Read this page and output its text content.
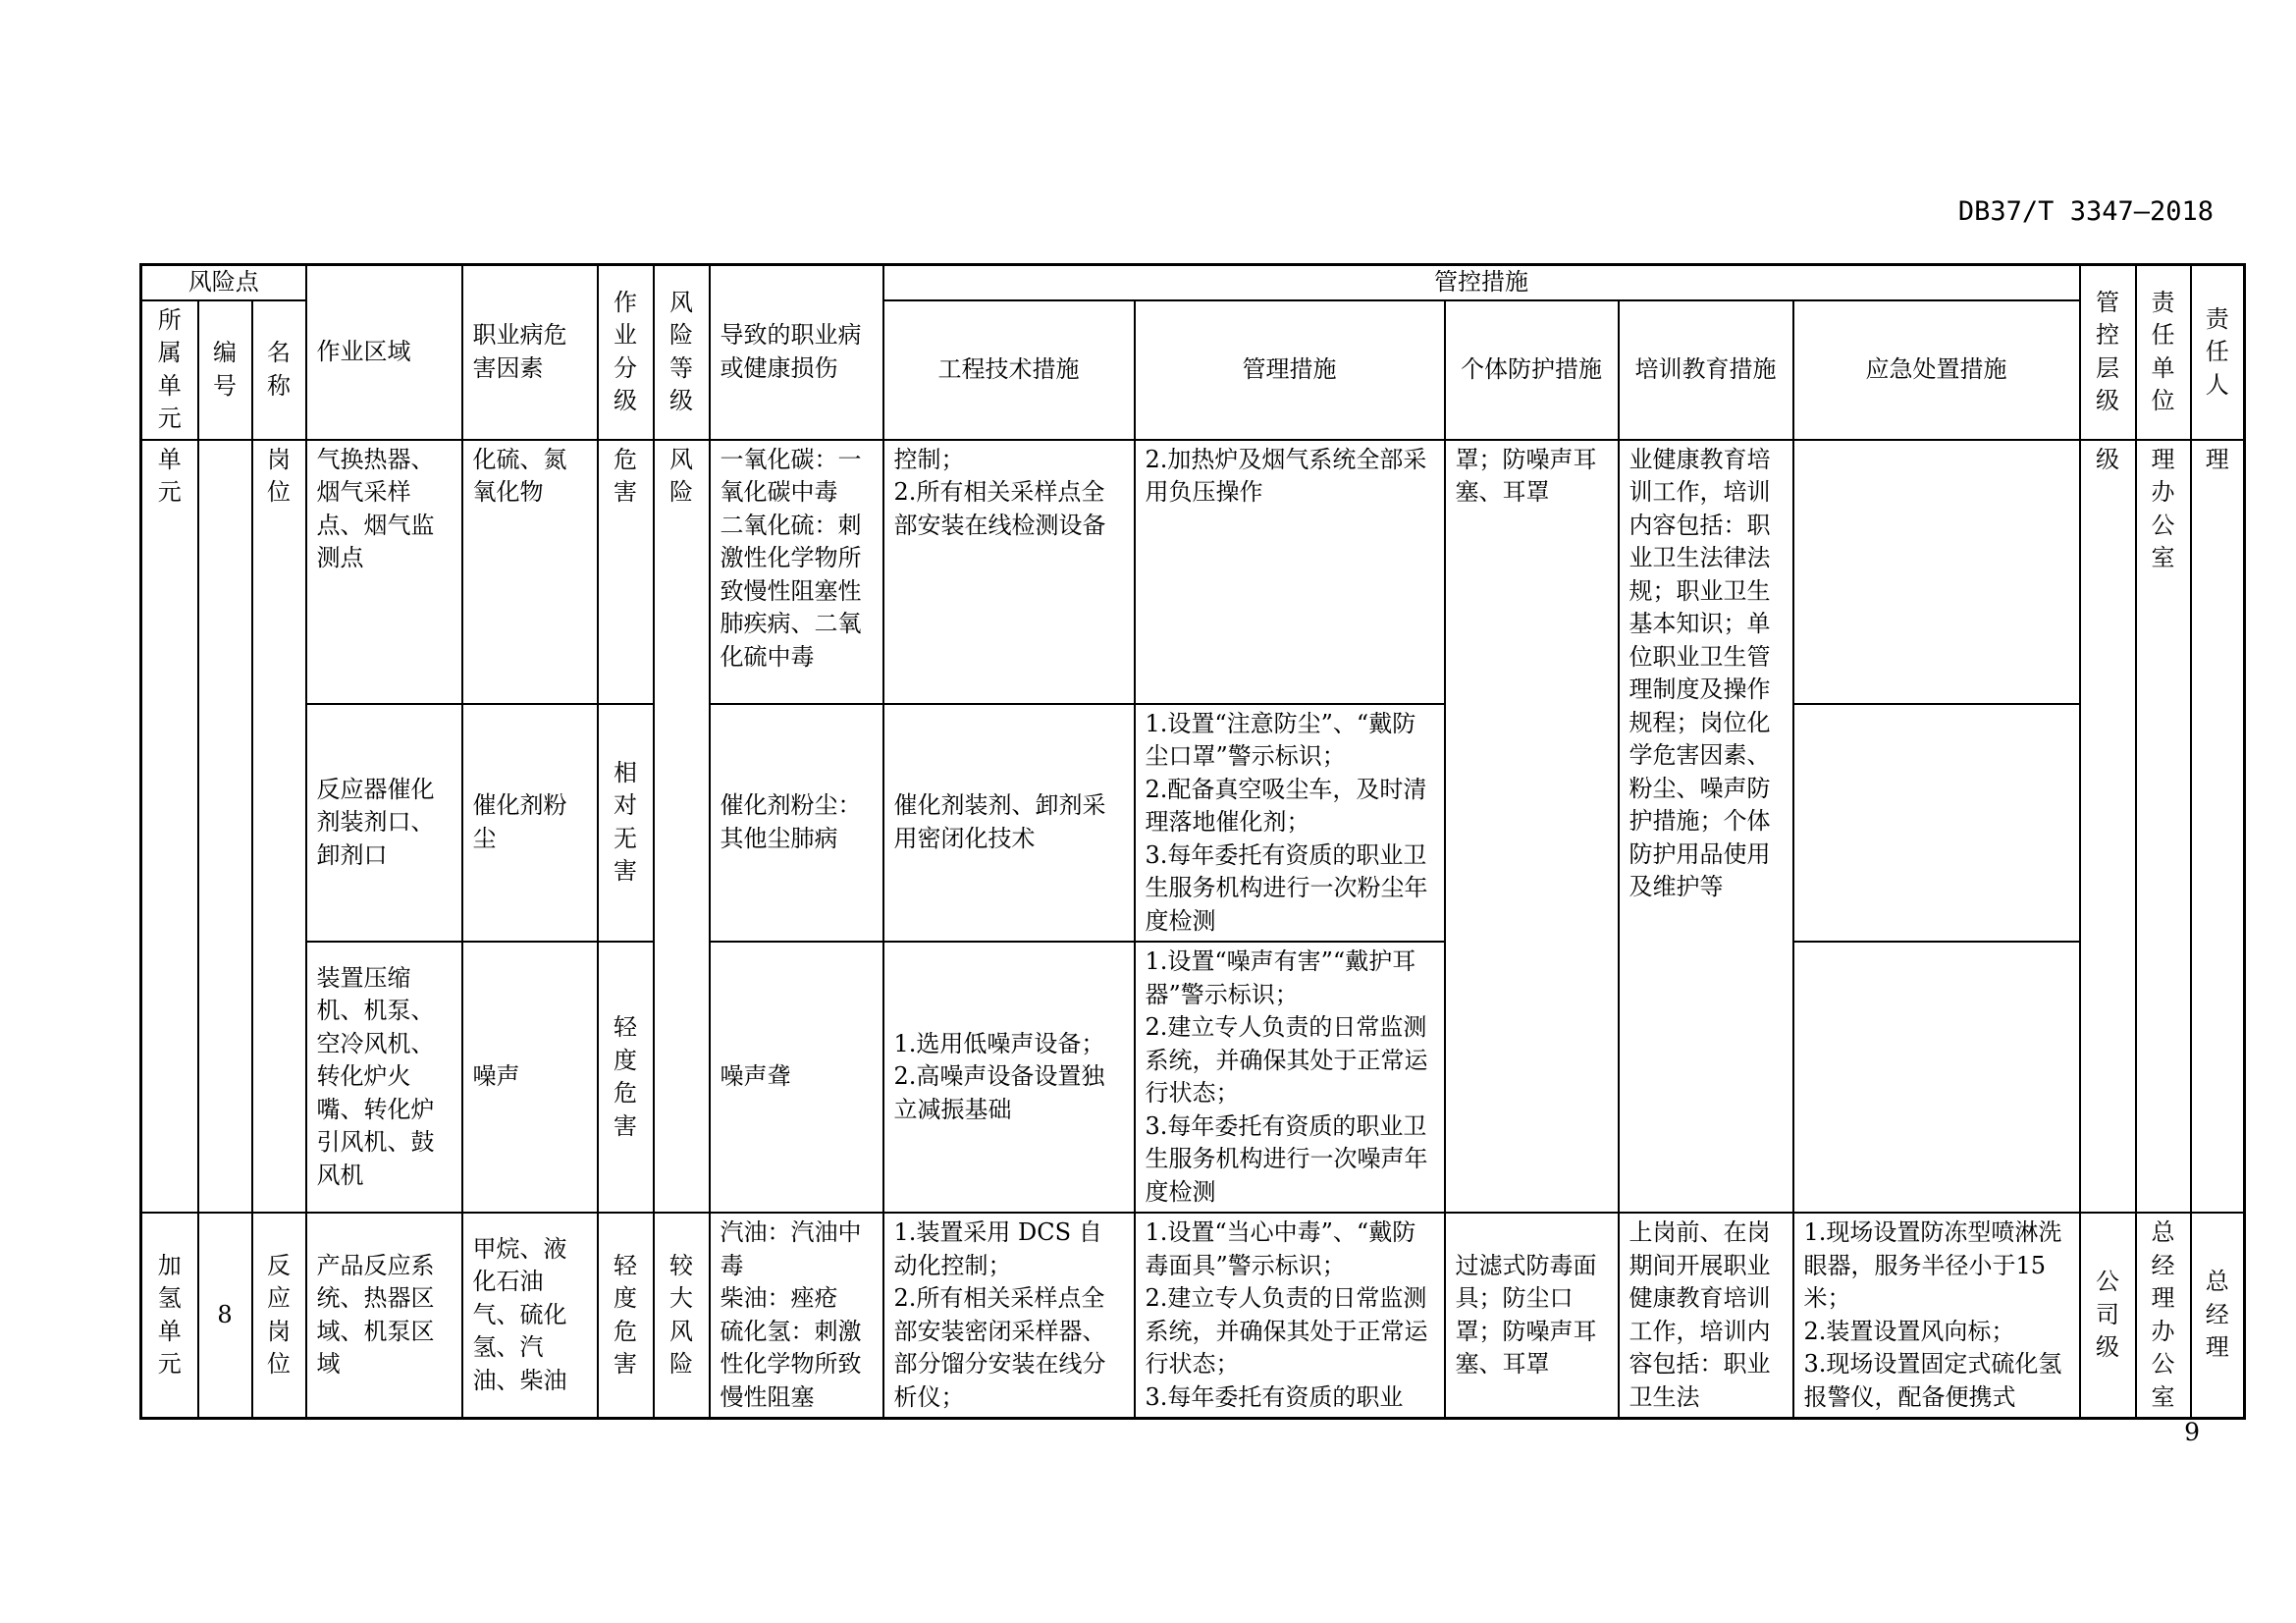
DB37/T 3347—2018
风险点			作业区域	职业病危害因素	作业分级	风险等级	导致的职业病或健康损伤	管控措施					管控层级	责任单位	责任人
所属单元	编号	名称						工程技术措施	管理措施	个体防护措施	培训教育措施	应急处置措施			
单元		岗位	气换热器、烟气采样点、烟气监测点	化硫、氮氧化物	危害	风险	一氧化碳：一氧化碳中毒
二氧化硫：刺激性化学物所致慢性阻塞性肺疾病、二氧化硫中毒	控制；
2.所有相关采样点全部安装在线检测设备	2.加热炉及烟气系统全部采用负压操作	罩；防噪声耳塞、耳罩	业健康教育培训工作，培训内容包括：职业卫生法律法规；职业卫生基本知识；单位职业卫生管理制度及操作规程；岗位化学危害因素、粉尘、噪声防护措施；个体防护用品使用及维护等		级	理办公室	理
			反应器催化剂装剂口、卸剂口	催化剂粉尘	相对无害		催化剂粉尘：其他尘肺病	催化剂装剂、卸剂采用密闭化技术	1.设置“注意防尘”、“戴防尘口罩”警示标识；
2.配备真空吸尘车，及时清理落地催化剂；
3.每年委托有资质的职业卫生服务机构进行一次粉尘年度检测						
			装置压缩机、机泵、空冷风机、转化炉火嘴、转化炉引风机、鼓风机	噪声	轻度危害		噪声聋	1.选用低噪声设备；
2.高噪声设备设置独立减振基础	1.设置“噪声有害”“戴护耳器”警示标识；
2.建立专人负责的日常监测系统，并确保其处于正常运行状态；
3.每年委托有资质的职业卫生服务机构进行一次噪声年度检测						
加氢单元	8	反应岗位	产品反应系统、热器区域、机泵区域	甲烷、液化石油气、硫化氢、汽油、柴油	轻度危害	较大风险	汽油：汽油中毒
柴油：痤疮
硫化氢：刺激性化学物所致慢性阻塞	1.装置采用 DCS 自动化控制；
2.所有相关采样点全部安装密闭采样器、部分馏分安装在线分析仪；	1.设置“当心中毒”、“戴防毒面具”警示标识；
2.建立专人负责的日常监测系统，并确保其处于正常运行状态；
3.每年委托有资质的职业	过滤式防毒面具；防尘口罩；防噪声耳塞、耳罩	上岗前、在岗期间开展职业健康教育培训工作，培训内容包括：职业卫生法	1.现场设置防冻型喷淋洗眼器，服务半径小于15米；
2.装置设置风向标；
3.现场设置固定式硫化氢报警仪，配备便携式	公司级	总经理办公室	总经理
9
